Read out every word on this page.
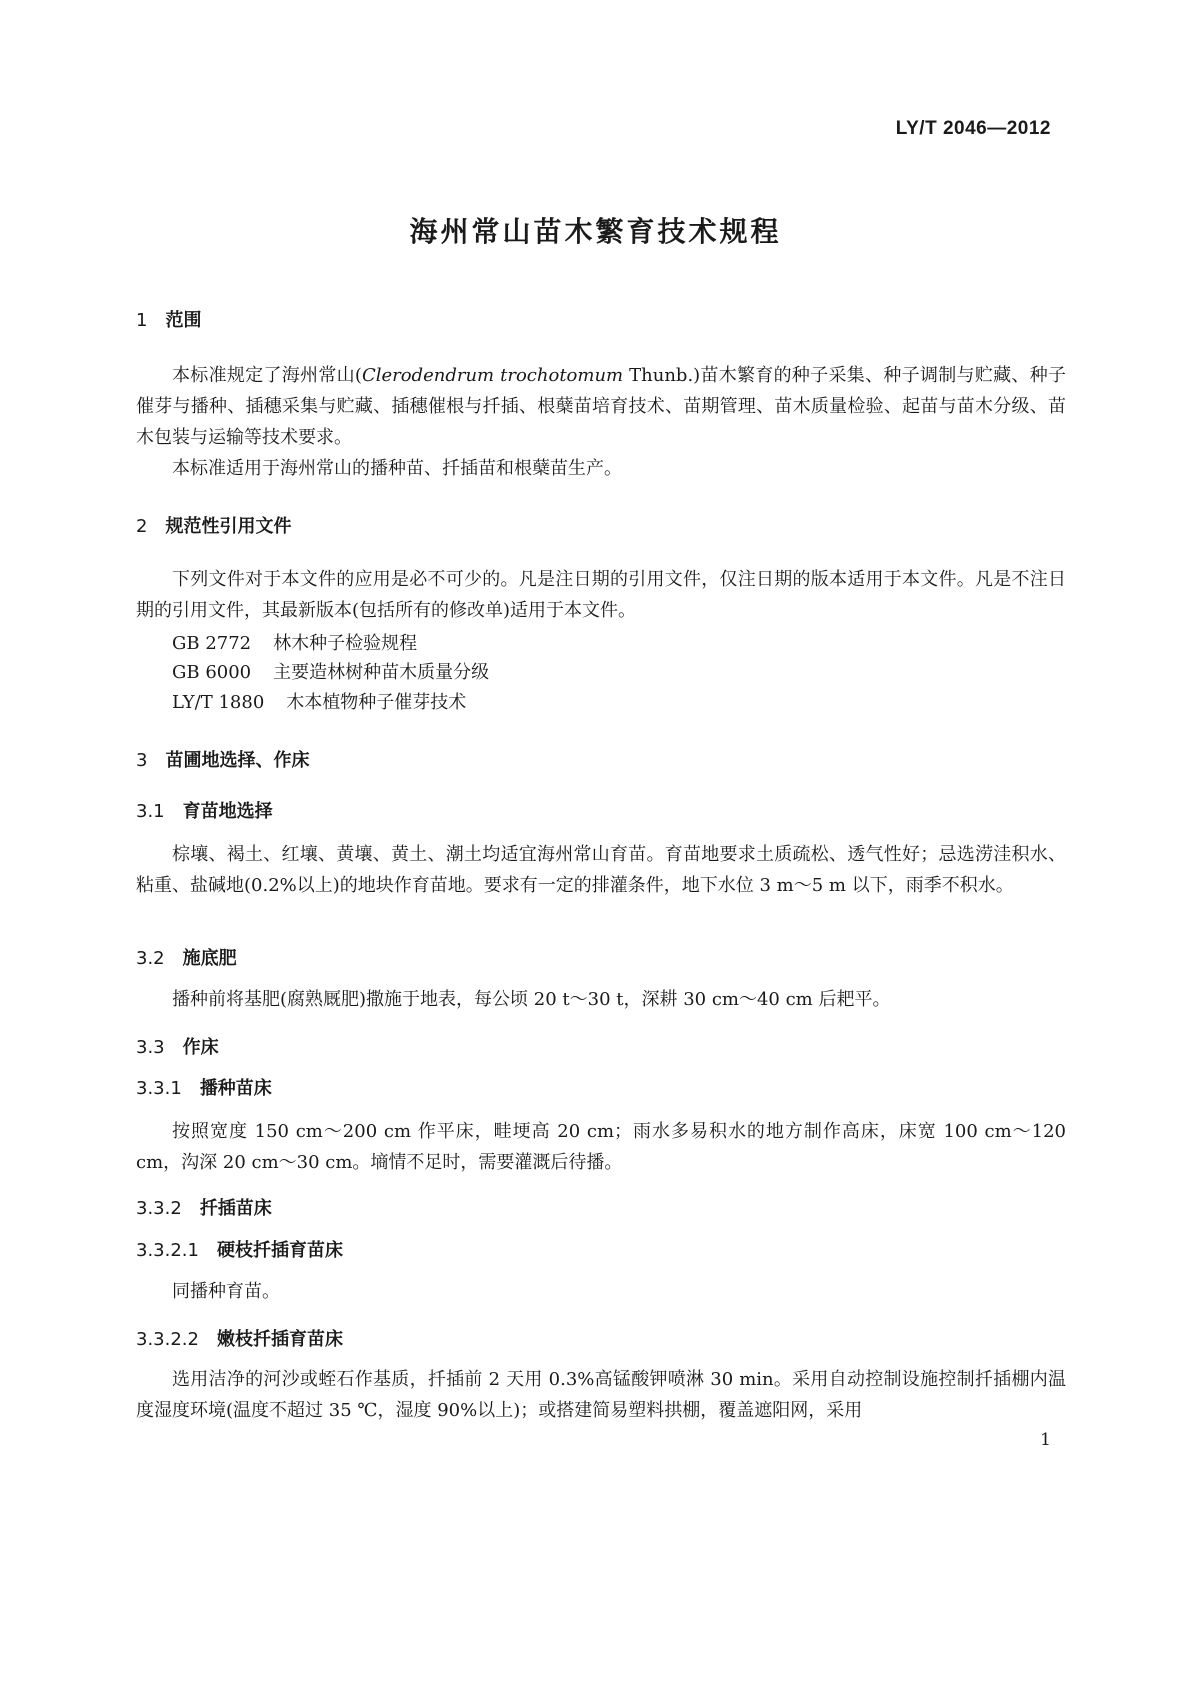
LY/T 2046—2012
海州常山苗木繁育技术规程
1 范围

本标准规定了海州常山(Clerodendrum trochotomum Thunb.)苗木繁育的种子采集、种子调制与贮藏、种子催芽与播种、插穗采集与贮藏、插穗催根与扦插、根蘖苗培育技术、苗期管理、苗木质量检验、起苗与苗木分级、苗木包装与运输等技术要求。

本标准适用于海州常山的播种苗、扦插苗和根蘖苗生产。

2 规范性引用文件

下列文件对于本文件的应用是必不可少的。凡是注日期的引用文件，仅注日期的版本适用于本文件。凡是不注日期的引用文件，其最新版本(包括所有的修改单)适用于本文件。

GB 2772 林木种子检验规程
GB 6000 主要造林树种苗木质量分级
LY/T 1880 木本植物种子催芽技术
3 苗圃地选择、作床
3.1 育苗地选择

棕壤、褐土、红壤、黄壤、黄土、潮土均适宜海州常山育苗。育苗地要求土质疏松、透气性好；忌选涝洼积水、粘重、盐碱地(0.2%以上)的地块作育苗地。要求有一定的排灌条件，地下水位 3 m～5 m 以下，雨季不积水。

3.2 施底肥

播种前将基肥(腐熟厩肥)撒施于地表，每公顷 20 t～30 t，深耕 30 cm～40 cm 后耙平。

3.3 作床
3.3.1 播种苗床

按照宽度 150 cm～200 cm 作平床，畦埂高 20 cm；雨水多易积水的地方制作高床，床宽 100 cm～120 cm，沟深 20 cm～30 cm。墒情不足时，需要灌溉后待播。

3.3.2 扦插苗床
3.3.2.1 硬枝扦插育苗床

同播种育苗。

3.3.2.2 嫩枝扦插育苗床

选用洁净的河沙或蛭石作基质，扦插前 2 天用 0.3%高锰酸钾喷淋 30 min。采用自动控制设施控制扦插棚内温度湿度环境(温度不超过 35 ℃，湿度 90%以上)；或搭建简易塑料拱棚，覆盖遮阳网，采用

1
